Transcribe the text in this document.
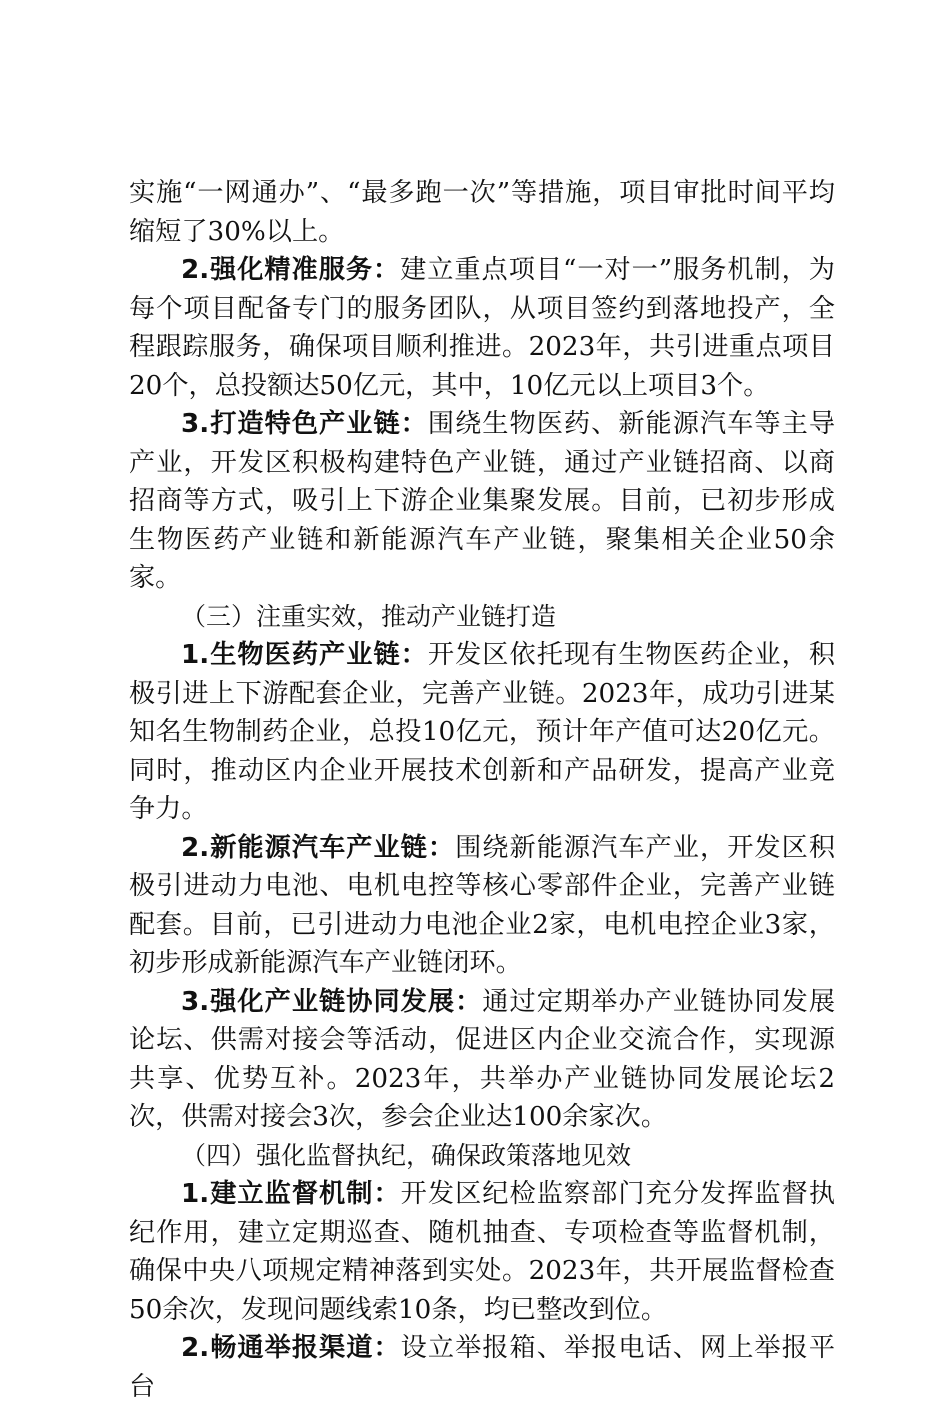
实施“一网通办”、“最多跑一次”等措施，项目审批时间平均缩短了30%以上。

2.强化精准服务：建立重点项目“一对一”服务机制，为每个项目配备专门的服务团队，从项目签约到落地投产，全程跟踪服务，确保项目顺利推进。2023年，共引进重点项目20个，总投额达50亿元，其中，10亿元以上项目3个。

3.打造特色产业链：围绕生物医药、新能源汽车等主导产业，开发区积极构建特色产业链，通过产业链招商、以商招商等方式，吸引上下游企业集聚发展。目前，已初步形成生物医药产业链和新能源汽车产业链，聚集相关企业50余家。

（三）注重实效，推动产业链打造

1.生物医药产业链：开发区依托现有生物医药企业，积极引进上下游配套企业，完善产业链。2023年，成功引进某知名生物制药企业，总投10亿元，预计年产值可达20亿元。同时，推动区内企业开展技术创新和产品研发，提高产业竞争力。

2.新能源汽车产业链：围绕新能源汽车产业，开发区积极引进动力电池、电机电控等核心零部件企业，完善产业链配套。目前，已引进动力电池企业2家，电机电控企业3家，初步形成新能源汽车产业链闭环。

3.强化产业链协同发展：通过定期举办产业链协同发展论坛、供需对接会等活动，促进区内企业交流合作，实现源共享、优势互补。2023年，共举办产业链协同发展论坛2次，供需对接会3次，参会企业达100余家次。

（四）强化监督执纪，确保政策落地见效

1.建立监督机制：开发区纪检监察部门充分发挥监督执纪作用，建立定期巡查、随机抽查、专项检查等监督机制，确保中央八项规定精神落到实处。2023年，共开展监督检查50余次，发现问题线索10条，均已整改到位。

2.畅通举报渠道：设立举报箱、举报电话、网上举报平台
